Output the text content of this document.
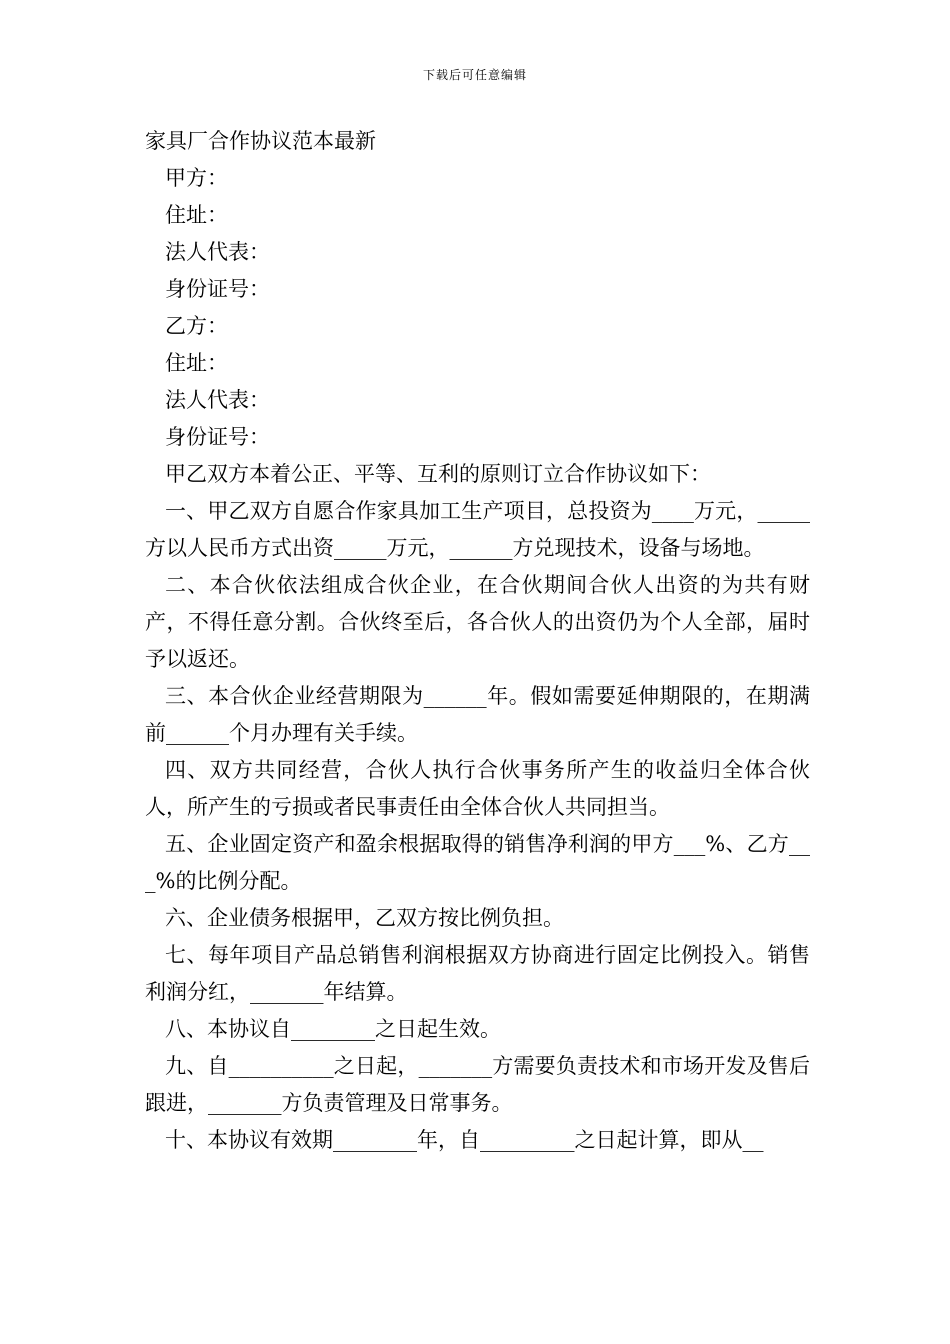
下载后可任意编辑
家具厂合作协议范本最新
甲方：
住址：
法人代表：
身份证号：
乙方：
住址：
法人代表：
身份证号：
甲乙双方本着公正、平等、互利的原则订立合作协议如下：

一、甲乙双方自愿合作家具加工生产项目，总投资为____万元，_____方以人民币方式出资_____万元，______方兑现技术，设备与场地。

二、本合伙依法组成合伙企业，在合伙期间合伙人出资的为共有财产，不得任意分割。合伙终至后，各合伙人的出资仍为个人全部，届时予以返还。

三、本合伙企业经营期限为______年。假如需要延伸期限的，在期满前______个月办理有关手续。

四、双方共同经营，合伙人执行合伙事务所产生的收益归全体合伙人，所产生的亏损或者民事责任由全体合伙人共同担当。

五、企业固定资产和盈余根据取得的销售净利润的甲方___%、乙方___%的比例分配。

六、企业债务根据甲，乙双方按比例负担。

七、每年项目产品总销售利润根据双方协商进行固定比例投入。销售利润分红，_______年结算。

八、本协议自________之日起生效。

九、自__________之日起，_______方需要负责技术和市场开发及售后跟进，_______方负责管理及日常事务。

十、本协议有效期________年，自_________之日起计算，即从__
